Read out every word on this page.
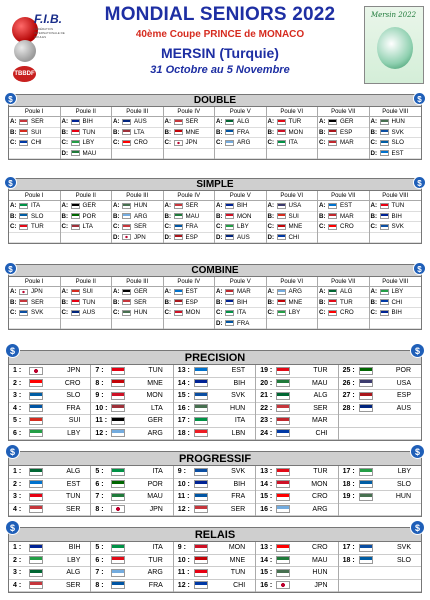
F.I.B.
FÉDÉRATION INTERNATIONALE DE BOULES
TBBDF
MONDIAL SENIORS 2022
40ème Coupe PRINCE de MONACO
MERSIN (Turquie)
31 Octobre au 5 Novembre
Mersin 2022
DOUBLE
$	$
Poule I
A: SER
B: SUI
C: CHI
Poule II
A: BIH
B: TUN
C: LBY
D: MAU
Poule III
A: AUS
B: LTA
C: CRO
Poule IV
A: SER
B: MNE
C: JPN
Poule V
A: ALG
B: FRA
C: ARG
Poule VI
A: TUR
B: MON
C: ITA
Poule VII
A: GER
B: ESP
C: MAR
Poule VIII
A: HUN
B: SVK
C: SLO
D: EST
SIMPLE
$	$
Poule I
A: ITA
B: SLO
C: TUR
Poule II
A: GER
B: POR
C: LTA
Poule III
A: HUN
B: ARG
C: SER
D: JPN
Poule IV
A: SER
B: MAU
C: FRA
D: ESP
Poule V
A: BIH
B: MON
C: LBY
D: AUS
Poule VI
A: USA
B: SUI
C: MNE
D: CHI
Poule VII
A: EST
B: MAR
C: CRO
Poule VIII
A: TUN
B: BIH
C: SVK
COMBINE
$	$
Poule I
A: JPN
B: SER
C: SVK
Poule II
A: SUI
B: TUN
C: AUS
Poule III
A: GER
B: SER
C: HUN
Poule IV
A: EST
B: ESP
C: MON
Poule V
A: MAR
B: BIH
C: ITA
D: FRA
Poule VI
A: ARG
B: MNE
C: LBY
Poule VII
A: ALG
B: TUR
C: CRO
Poule VIII
A: LBY
B: CHI
C: BIH
PRECISION
$	$
1 :	JPN
2 :	CRO
3 :	SLO
4 :	FRA
5 :	SUI
6 :	LBY
7 :	TUN
8 :	MNE
9 :	MON
10 :	LTA
11 :	GER
12 :	ARG
13 :	EST
14 :	BIH
15 :	SVK
16 :	HUN
17 :	ITA
18 :	LBN
19 :	TUR
20 :	MAU
21 :	ALG
22 :	SER
23 :	MAR
24 :	CHI
25 :	POR
26 :	USA
27 :	ESP
28 :	AUS
PROGRESSIF
$	$
1 :	ALG
2 :	EST
3 :	TUN
4 :	SER
5 :	ITA
6 :	POR
7 :	MAU
8 :	JPN
9 :	SVK
10 :	BIH
11 :	FRA
12 :	SER
13 :	TUR
14 :	MON
15 :	CRO
16 :	ARG
17 :	LBY
18 :	SLO
19 :	HUN
RELAIS
$	$
1 :	BIH
2 :	LBY
3 :	ALG
4 :	SER
5 :	ITA
6 :	TUR
7 :	ARG
8 :	FRA
9 :	MON
10 :	MNE
11 :	TUN
12 :	CHI
13 :	CRO
14 :	MAU
15 :	HUN
16 :	JPN
17 :	SVK
18 :	SLO
